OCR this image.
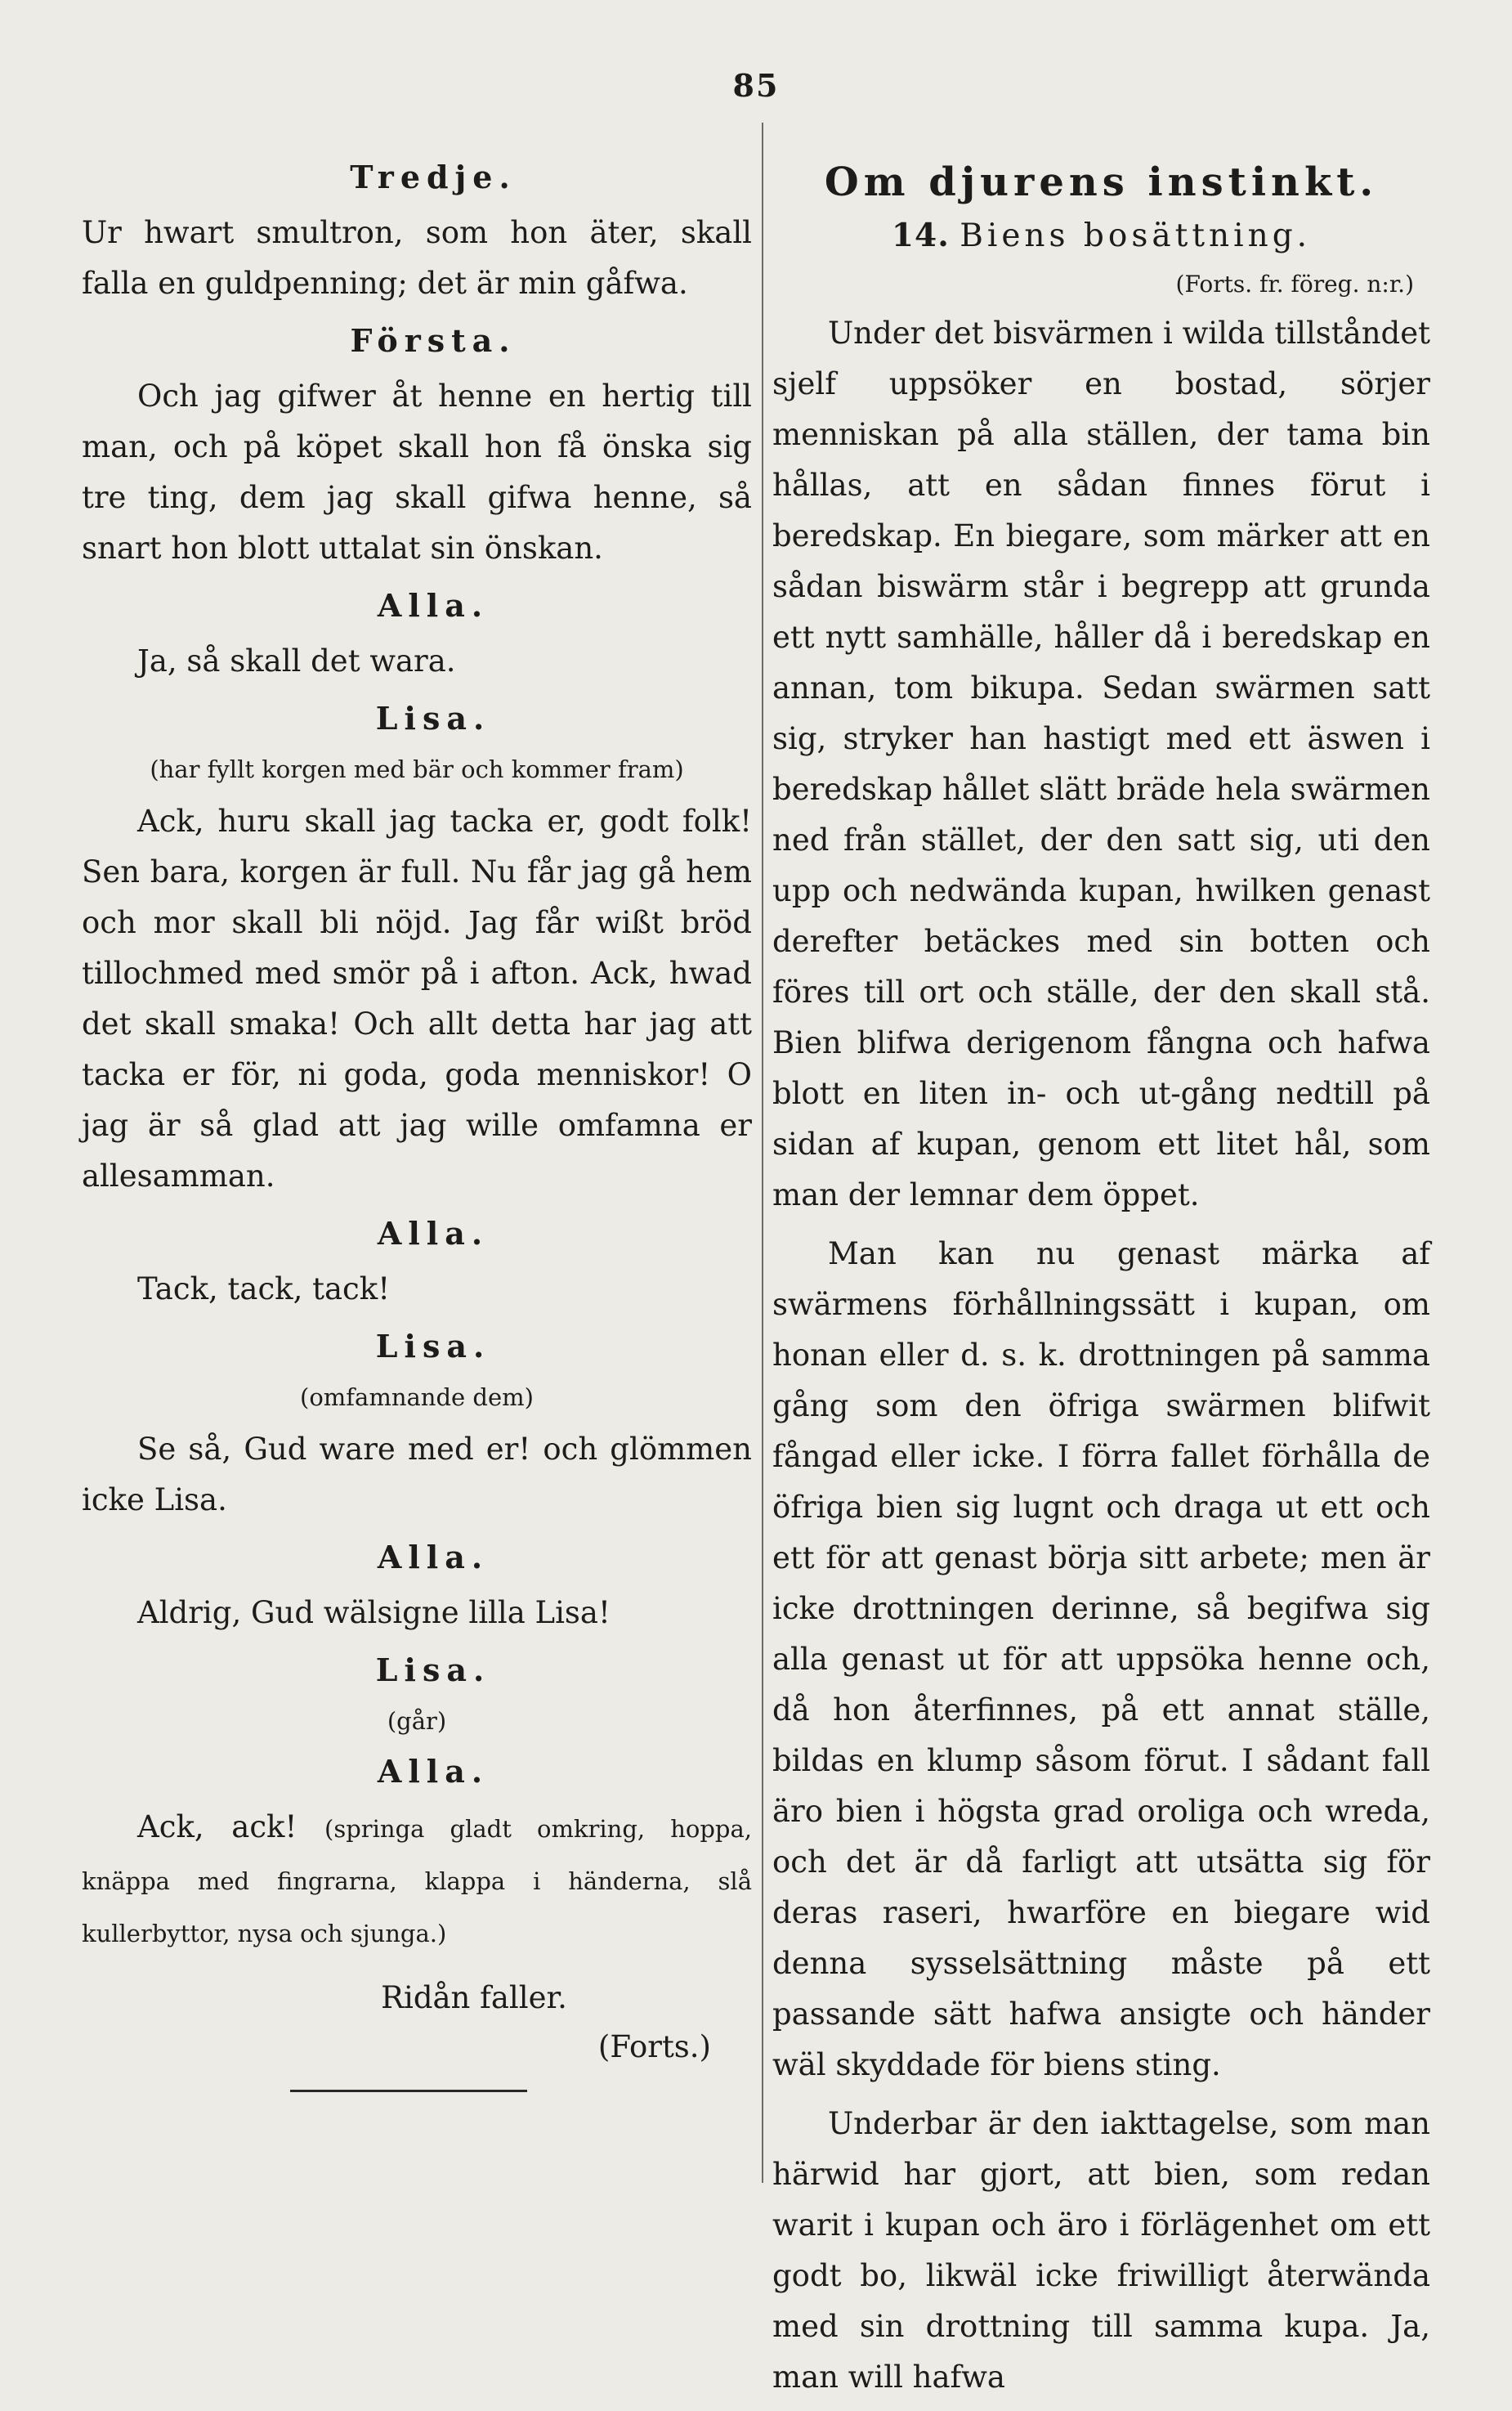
85
Tredje.
Ur hwart smultron, som hon äter, skall falla en guldpenning; det är min gåfwa.
Första.
Och jag gifwer åt henne en hertig till man, och på köpet skall hon få önska sig tre ting, dem jag skall gifwa henne, så snart hon blott uttalat sin önskan.
Alla.
Ja, så skall det wara.
Lisa.
(har fyllt korgen med bär och kommer fram)
Ack, huru skall jag tacka er, godt folk! Sen bara, korgen är full. Nu får jag gå hem och mor skall bli nöjd. Jag får wißt bröd tillochmed med smör på i afton. Ack, hwad det skall smaka! Och allt detta har jag att tacka er för, ni goda, goda menniskor! O jag är så glad att jag wille omfamna er allesamman.
Alla.
Tack, tack, tack!
Lisa.
(omfamnande dem)
Se så, Gud ware med er! och glömmen icke Lisa.
Alla.
Aldrig, Gud wälsigne lilla Lisa!
Lisa.
(går)
Alla.
Ack, ack! (springa gladt omkring, hoppa, knäppa med fingrarna, klappa i händerna, slå kullerbyttor, nysa och sjunga.)
Ridån faller.
(Forts.)
Om djurens instinkt.
14. Biens bosättning.
(Forts. fr. föreg. n:r.)
Under det bisvärmen i wilda tillståndet sjelf uppsöker en bostad, sörjer menniskan på alla ställen, der tama bin hållas, att en sådan finnes förut i beredskap. En biegare, som märker att en sådan biswärm står i begrepp att grunda ett nytt samhälle, håller då i beredskap en annan, tom bikupa. Sedan swärmen satt sig, stryker han hastigt med ett äswen i beredskap hållet slätt bräde hela swärmen ned från stället, der den satt sig, uti den upp och nedwända kupan, hwilken genast derefter betäckes med sin botten och föres till ort och ställe, der den skall stå. Bien blifwa derigenom fångna och hafwa blott en liten in- och ut-gång nedtill på sidan af kupan, genom ett litet hål, som man der lemnar dem öppet.
Man kan nu genast märka af swärmens förhållningssätt i kupan, om honan eller d. s. k. drottningen på samma gång som den öfriga swärmen blifwit fångad eller icke. I förra fallet förhålla de öfriga bien sig lugnt och draga ut ett och ett för att genast börja sitt arbete; men är icke drottningen derinne, så begifwa sig alla genast ut för att uppsöka henne och, då hon återfinnes, på ett annat ställe, bildas en klump såsom förut. I sådant fall äro bien i högsta grad oroliga och wreda, och det är då farligt att utsätta sig för deras raseri, hwarföre en biegare wid denna sysselsättning måste på ett passande sätt hafwa ansigte och händer wäl skyddade för biens sting.
Underbar är den iakttagelse, som man härwid har gjort, att bien, som redan warit i kupan och äro i förlägenhet om ett godt bo, likwäl icke friwilligt återwända med sin drottning till samma kupa. Ja, man will hafwa
